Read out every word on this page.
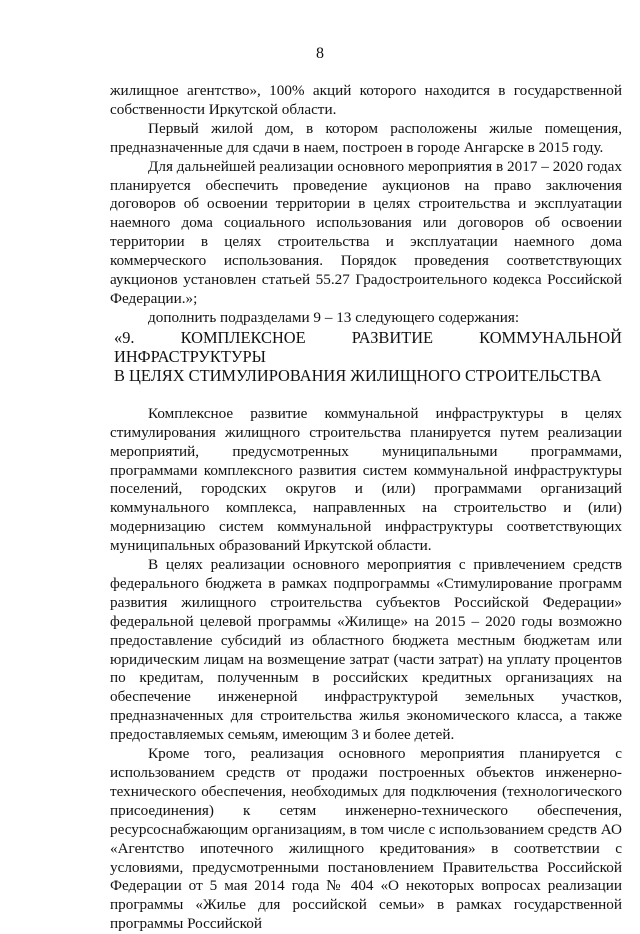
8

жилищное агентство», 100% акций которого находится в государственной собственности Иркутской области.

Первый жилой дом, в котором расположены жилые помещения, предназначенные для сдачи в наем, построен в городе Ангарске в 2015 году.

Для дальнейшей реализации основного мероприятия в 2017 – 2020 годах планируется обеспечить проведение аукционов на право заключения договоров об освоении территории в целях строительства и эксплуатации наемного дома социального использования или договоров об освоении территории в целях строительства и эксплуатации наемного дома коммерческого использования. Порядок проведения соответствующих аукционов установлен статьей 55.27 Градостроительного кодекса Российской Федерации.»;

дополнить подразделами 9 – 13 следующего содержания:

«9. КОМПЛЕКСНОЕ РАЗВИТИЕ КОММУНАЛЬНОЙ ИНФРАСТРУКТУРЫ

В ЦЕЛЯХ СТИМУЛИРОВАНИЯ ЖИЛИЩНОГО СТРОИТЕЛЬСТВА

Комплексное развитие коммунальной инфраструктуры в целях стимулирования жилищного строительства планируется путем реализации мероприятий, предусмотренных муниципальными программами, программами комплексного развития систем коммунальной инфраструктуры поселений, городских округов и (или) программами организаций коммунального комплекса, направленных на строительство и (или) модернизацию систем коммунальной инфраструктуры соответствующих муниципальных образований Иркутской области.

В целях реализации основного мероприятия с привлечением средств федерального бюджета в рамках подпрограммы «Стимулирование программ развития жилищного строительства субъектов Российской Федерации» федеральной целевой программы «Жилище» на 2015 – 2020 годы возможно предоставление субсидий из областного бюджета местным бюджетам или юридическим лицам на возмещение затрат (части затрат) на уплату процентов по кредитам, полученным в российских кредитных организациях на обеспечение инженерной инфраструктурой земельных участков, предназначенных для строительства жилья экономического класса, а также предоставляемых семьям, имеющим 3 и более детей.

Кроме того, реализация основного мероприятия планируется с использованием средств от продажи построенных объектов инженерно-технического обеспечения, необходимых для подключения (технологического присоединения) к сетям инженерно-технического обеспечения, ресурсоснабжающим организациям, в том числе с использованием средств АО «Агентство ипотечного жилищного кредитования» в соответствии с условиями, предусмотренными постановлением Правительства Российской Федерации от 5 мая 2014 года № 404 «О некоторых вопросах реализации программы «Жилье для российской семьи» в рамках государственной программы Российской
